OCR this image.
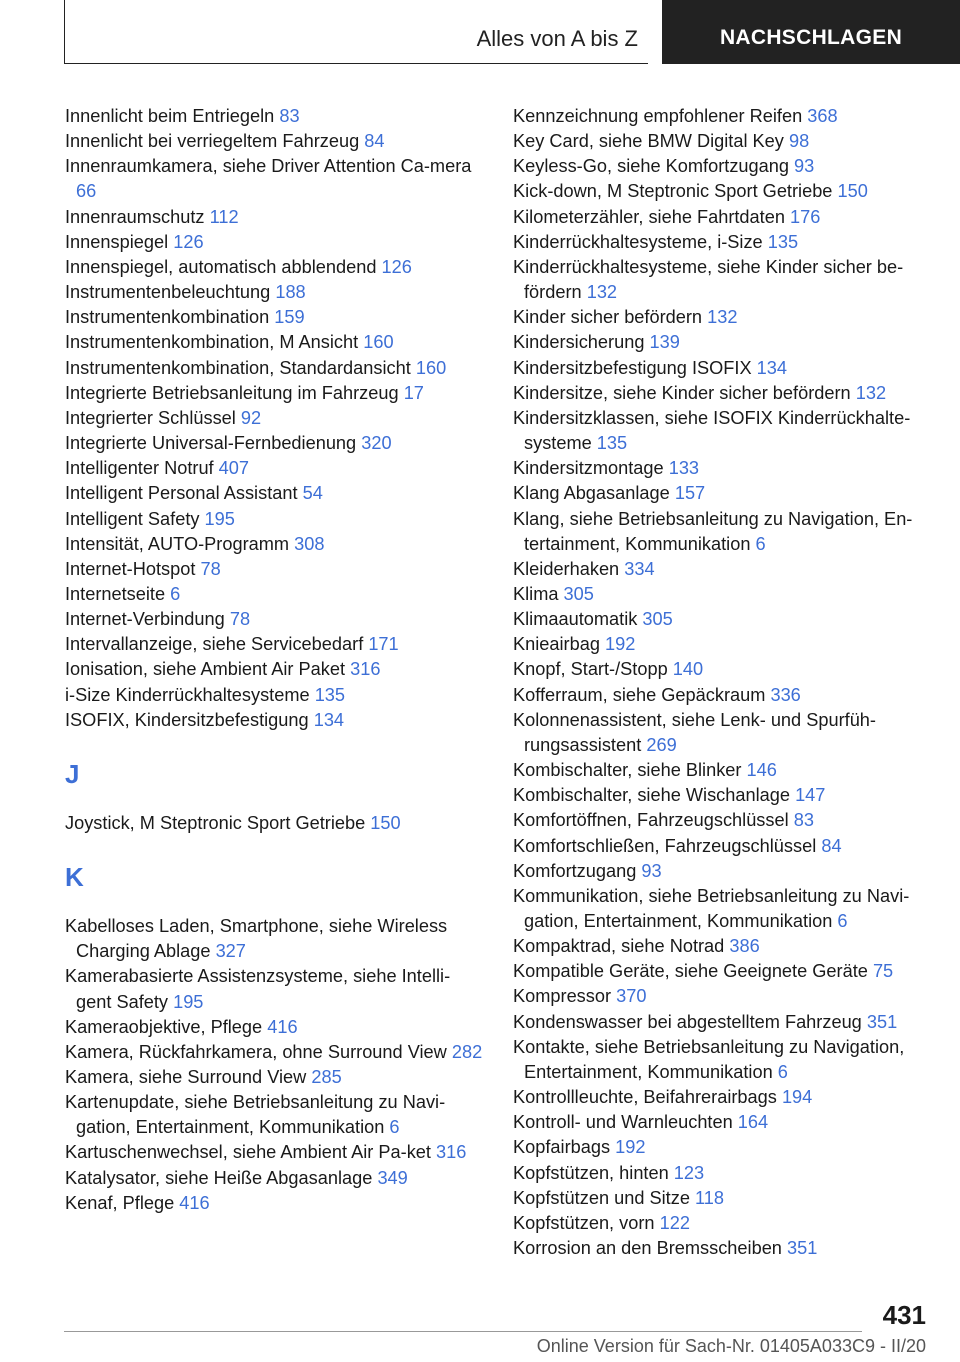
Alles von A bis Z	NACHSCHLAGEN
Innenlicht beim Entriegeln 83
Innenlicht bei verriegeltem Fahrzeug 84
Innenraumkamera, siehe Driver Attention Ca-mera 66
Innenraumschutz 112
Innenspiegel 126
Innenspiegel, automatisch abblendend 126
Instrumentenbeleuchtung 188
Instrumentenkombination 159
Instrumentenkombination, M Ansicht 160
Instrumentenkombination, Standardansicht 160
Integrierte Betriebsanleitung im Fahrzeug 17
Integrierter Schlüssel 92
Integrierte Universal-Fernbedienung 320
Intelligenter Notruf 407
Intelligent Personal Assistant 54
Intelligent Safety 195
Intensität, AUTO-Programm 308
Internet-Hotspot 78
Internetseite 6
Internet-Verbindung 78
Intervallanzeige, siehe Servicebedarf 171
Ionisation, siehe Ambient Air Paket 316
i-Size Kinderrückhaltesysteme 135
ISOFIX, Kindersitzbefestigung 134
J
Joystick, M Steptronic Sport Getriebe 150
K
Kabelloses Laden, Smartphone, siehe Wireless Charging Ablage 327
Kamerabasierte Assistenzsysteme, siehe Intelli-gent Safety 195
Kameraobjektive, Pflege 416
Kamera, Rückfahrkamera, ohne Surround View 282
Kamera, siehe Surround View 285
Kartenupdate, siehe Betriebsanleitung zu Navi-gation, Entertainment, Kommunikation 6
Kartuschenwechsel, siehe Ambient Air Pa-ket 316
Katalysator, siehe Heiße Abgasanlage 349
Kenaf, Pflege 416
Kennzeichnung empfohlener Reifen 368
Key Card, siehe BMW Digital Key 98
Keyless-Go, siehe Komfortzugang 93
Kick-down, M Steptronic Sport Getriebe 150
Kilometerzähler, siehe Fahrtdaten 176
Kinderrückhaltesysteme, i-Size 135
Kinderrückhaltesysteme, siehe Kinder sicher be-fördern 132
Kinder sicher befördern 132
Kindersicherung 139
Kindersitzbefestigung ISOFIX 134
Kindersitze, siehe Kinder sicher befördern 132
Kindersitzklassen, siehe ISOFIX Kinderrückhalte-systeme 135
Kindersitzmontage 133
Klang Abgasanlage 157
Klang, siehe Betriebsanleitung zu Navigation, En-tertainment, Kommunikation 6
Kleiderhaken 334
Klima 305
Klimaautomatik 305
Knieairbag 192
Knopf, Start-/Stopp 140
Kofferraum, siehe Gepäckraum 336
Kolonnenassistent, siehe Lenk- und Spurfüh-rungsassistent 269
Kombischalter, siehe Blinker 146
Kombischalter, siehe Wischanlage 147
Komfortöffnen, Fahrzeugschlüssel 83
Komfortschließen, Fahrzeugschlüssel 84
Komfortzugang 93
Kommunikation, siehe Betriebsanleitung zu Navi-gation, Entertainment, Kommunikation 6
Kompaktrad, siehe Notrad 386
Kompatible Geräte, siehe Geeignete Geräte 75
Kompressor 370
Kondenswasser bei abgestelltem Fahrzeug 351
Kontakte, siehe Betriebsanleitung zu Navigation, Entertainment, Kommunikation 6
Kontrollleuchte, Beifahrerairbags 194
Kontroll- und Warnleuchten 164
Kopfairbags 192
Kopfstützen, hinten 123
Kopfstützen und Sitze 118
Kopfstützen, vorn 122
Korrosion an den Bremsscheiben 351
431
Online Version für Sach-Nr. 01405A033C9 - II/20
